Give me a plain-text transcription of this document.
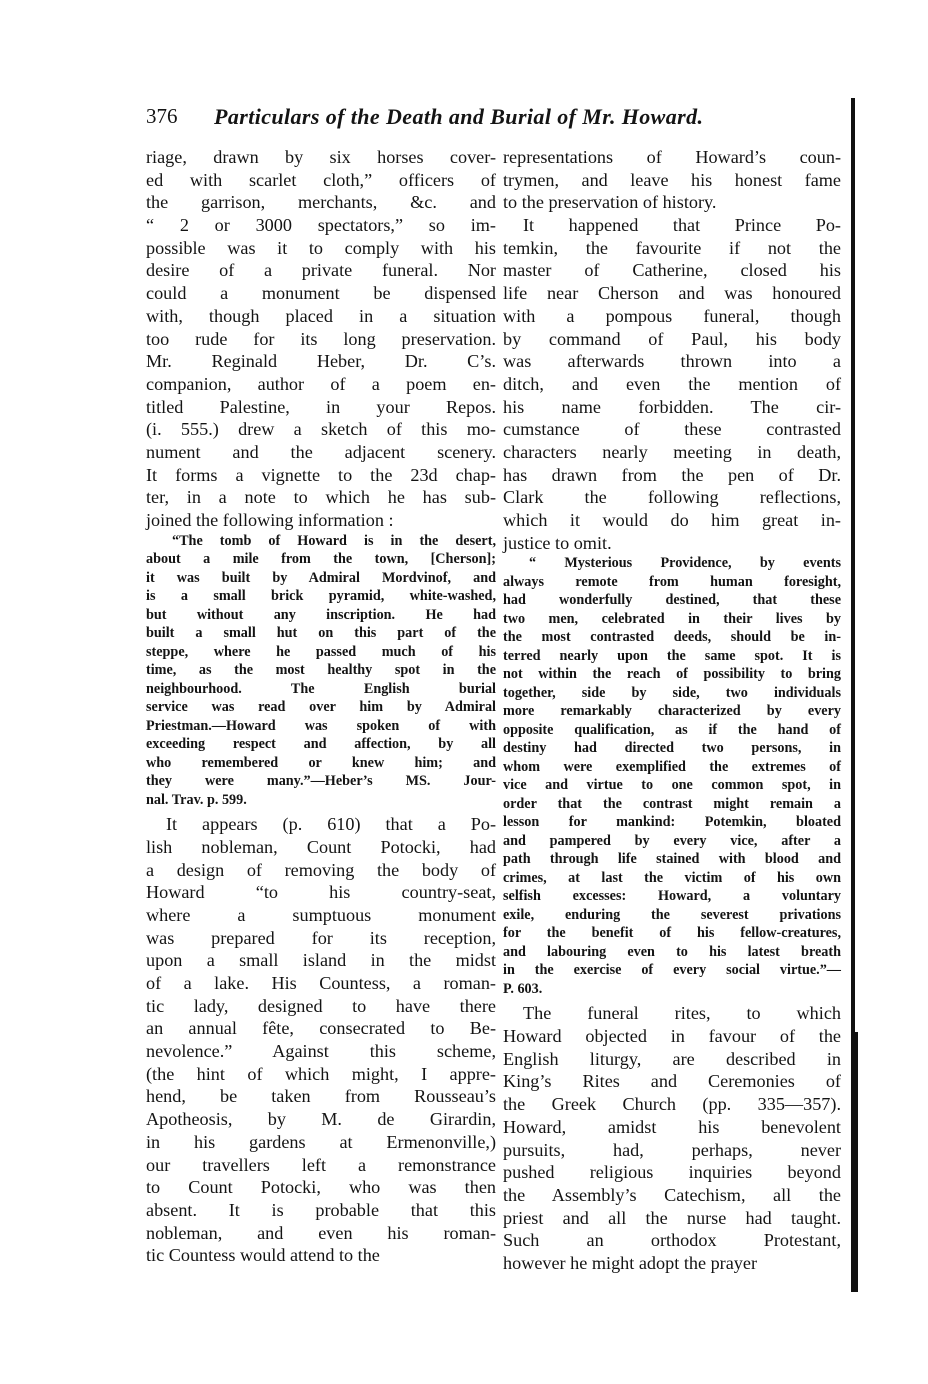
376 Particulars of the Death and Burial of Mr. Howard.
riage, drawn by six horses cover-
ed with scarlet cloth,” officers of
the garrison, merchants, &c. and
“ 2 or 3000 spectators,” so im-
possible was it to comply with his
desire of a private funeral. Nor
could a monument be dispensed
with, though placed in a situation
too rude for its long preservation.
Mr. Reginald Heber, Dr. C’s.
companion, author of a poem en-
titled Palestine, in your Repos.
(i. 555.) drew a sketch of this mo-
nument and the adjacent scenery.
It forms a vignette to the 23d chap-
ter, in a note to which he has sub-
joined the following information :
“The tomb of Howard is in the desert,
about a mile from the town, [Cherson];
it was built by Admiral Mordvinof, and
is a small brick pyramid, white-washed,
but without any inscription. He had
built a small hut on this part of the
steppe, where he passed much of his
time, as the most healthy spot in the
neighbourhood. The English burial
service was read over him by Admiral
Priestman.—Howard was spoken of with
exceeding respect and affection, by all
who remembered or knew him; and
they were many.”—Heber’s MS. Jour-
nal. Trav. p. 599.
It appears (p. 610) that a Po-
lish nobleman, Count Potocki, had
a design of removing the body of
Howard “to his country-seat,
where a sumptuous monument
was prepared for its reception,
upon a small island in the midst
of a lake. His Countess, a roman-
tic lady, designed to have there
an annual fête, consecrated to Be-
nevolence.” Against this scheme,
(the hint of which might, I appre-
hend, be taken from Rousseau’s
Apotheosis, by M. de Girardin,
in his gardens at Ermenonville,)
our travellers left a remonstrance
to Count Potocki, who was then
absent. It is probable that this
nobleman, and even his roman-
tic Countess would attend to the
representations of Howard’s coun-
trymen, and leave his honest fame
to the preservation of history.
It happened that Prince Po-
temkin, the favourite if not the
master of Catherine, closed his
life near Cherson and was honoured
with a pompous funeral, though
by command of Paul, his body
was afterwards thrown into a
ditch, and even the mention of
his name forbidden. The cir-
cumstance of these contrasted
characters nearly meeting in death,
has drawn from the pen of Dr.
Clark the following reflections,
which it would do him great in-
justice to omit.
“ Mysterious Providence, by events
always remote from human foresight,
had wonderfully destined, that these
two men, celebrated in their lives by
the most contrasted deeds, should be in-
terred nearly upon the same spot. It is
not within the reach of possibility to bring
together, side by side, two individuals
more remarkably characterized by every
opposite qualification, as if the hand of
destiny had directed two persons, in
whom were exemplified the extremes of
vice and virtue to one common spot, in
order that the contrast might remain a
lesson for mankind: Potemkin, bloated
and pampered by every vice, after a
path through life stained with blood and
crimes, at last the victim of his own
selfish excesses: Howard, a voluntary
exile, enduring the severest privations
for the benefit of his fellow-creatures,
and labouring even to his latest breath
in the exercise of every social virtue.”—
P. 603.
The funeral rites, to which
Howard objected in favour of the
English liturgy, are described in
King’s Rites and Ceremonies of
the Greek Church (pp. 335—357).
Howard, amidst his benevolent
pursuits, had, perhaps, never
pushed religious inquiries beyond
the Assembly’s Catechism, all the
priest and all the nurse had taught.
Such an orthodox Protestant,
however he might adopt the prayer
